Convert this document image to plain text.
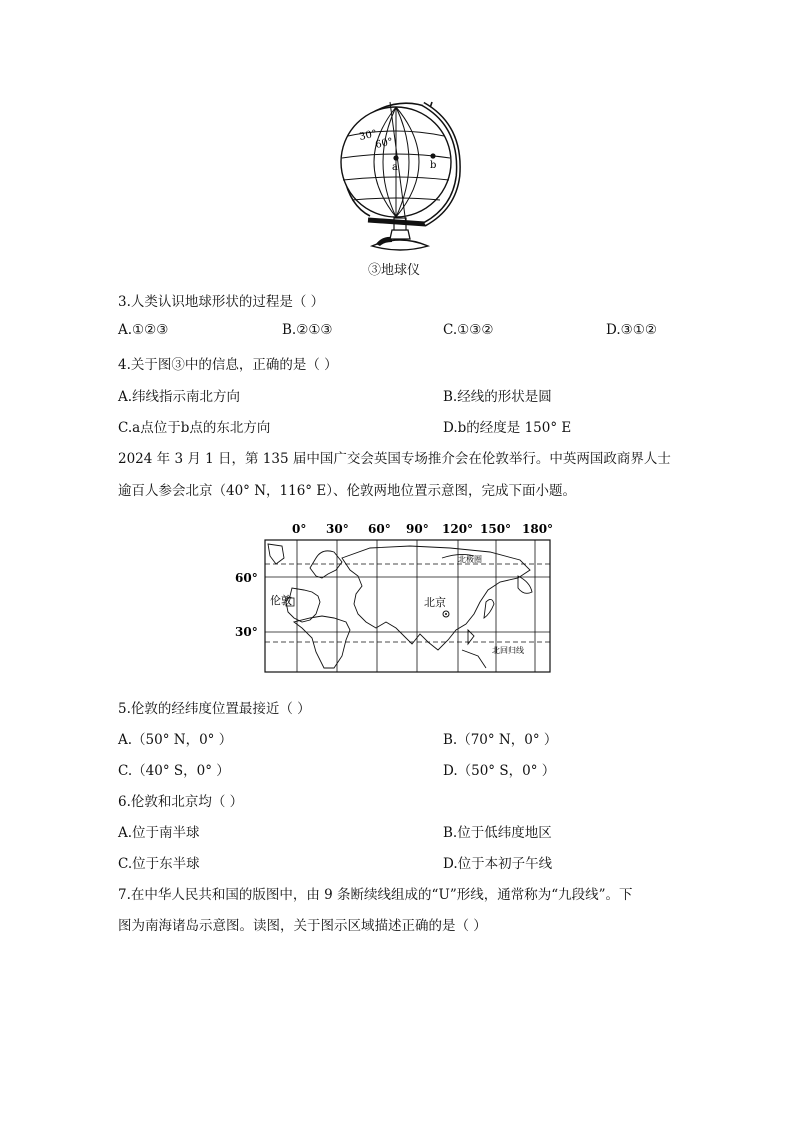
30°
60°
a	b
③地球仪
3.人类认识地球形状的过程是（ ）
A.①②③	B.②①③	C.①③②	D.③①②
4.关于图③中的信息，正确的是（ ）
A.纬线指示南北方向	B.经线的形状是圆
C.a点位于b点的东北方向	D.b的经度是 150° E
2024 年 3 月 1 日，第 135 届中国广交会英国专场推介会在伦敦举行。中英两国政商界人士
逾百人参会北京（40° N，116° E）、伦敦两地位置示意图，完成下面小题。
0° 30° 60° 90° 120° 150° 180°
60°
30°
伦敦	北京
北极圈
北回归线
5.伦敦的经纬度位置最接近（ ）
A.（50° N，0° ）	B.（70° N，0° ）
C.（40° S，0° ）	D.（50° S，0° ）
6.伦敦和北京均（ ）
A.位于南半球	B.位于低纬度地区
C.位于东半球	D.位于本初子午线
7.在中华人民共和国的版图中，由 9 条断续线组成的“U”形线，通常称为“九段线”。下
图为南海诸岛示意图。读图，关于图示区域描述正确的是（ ）
